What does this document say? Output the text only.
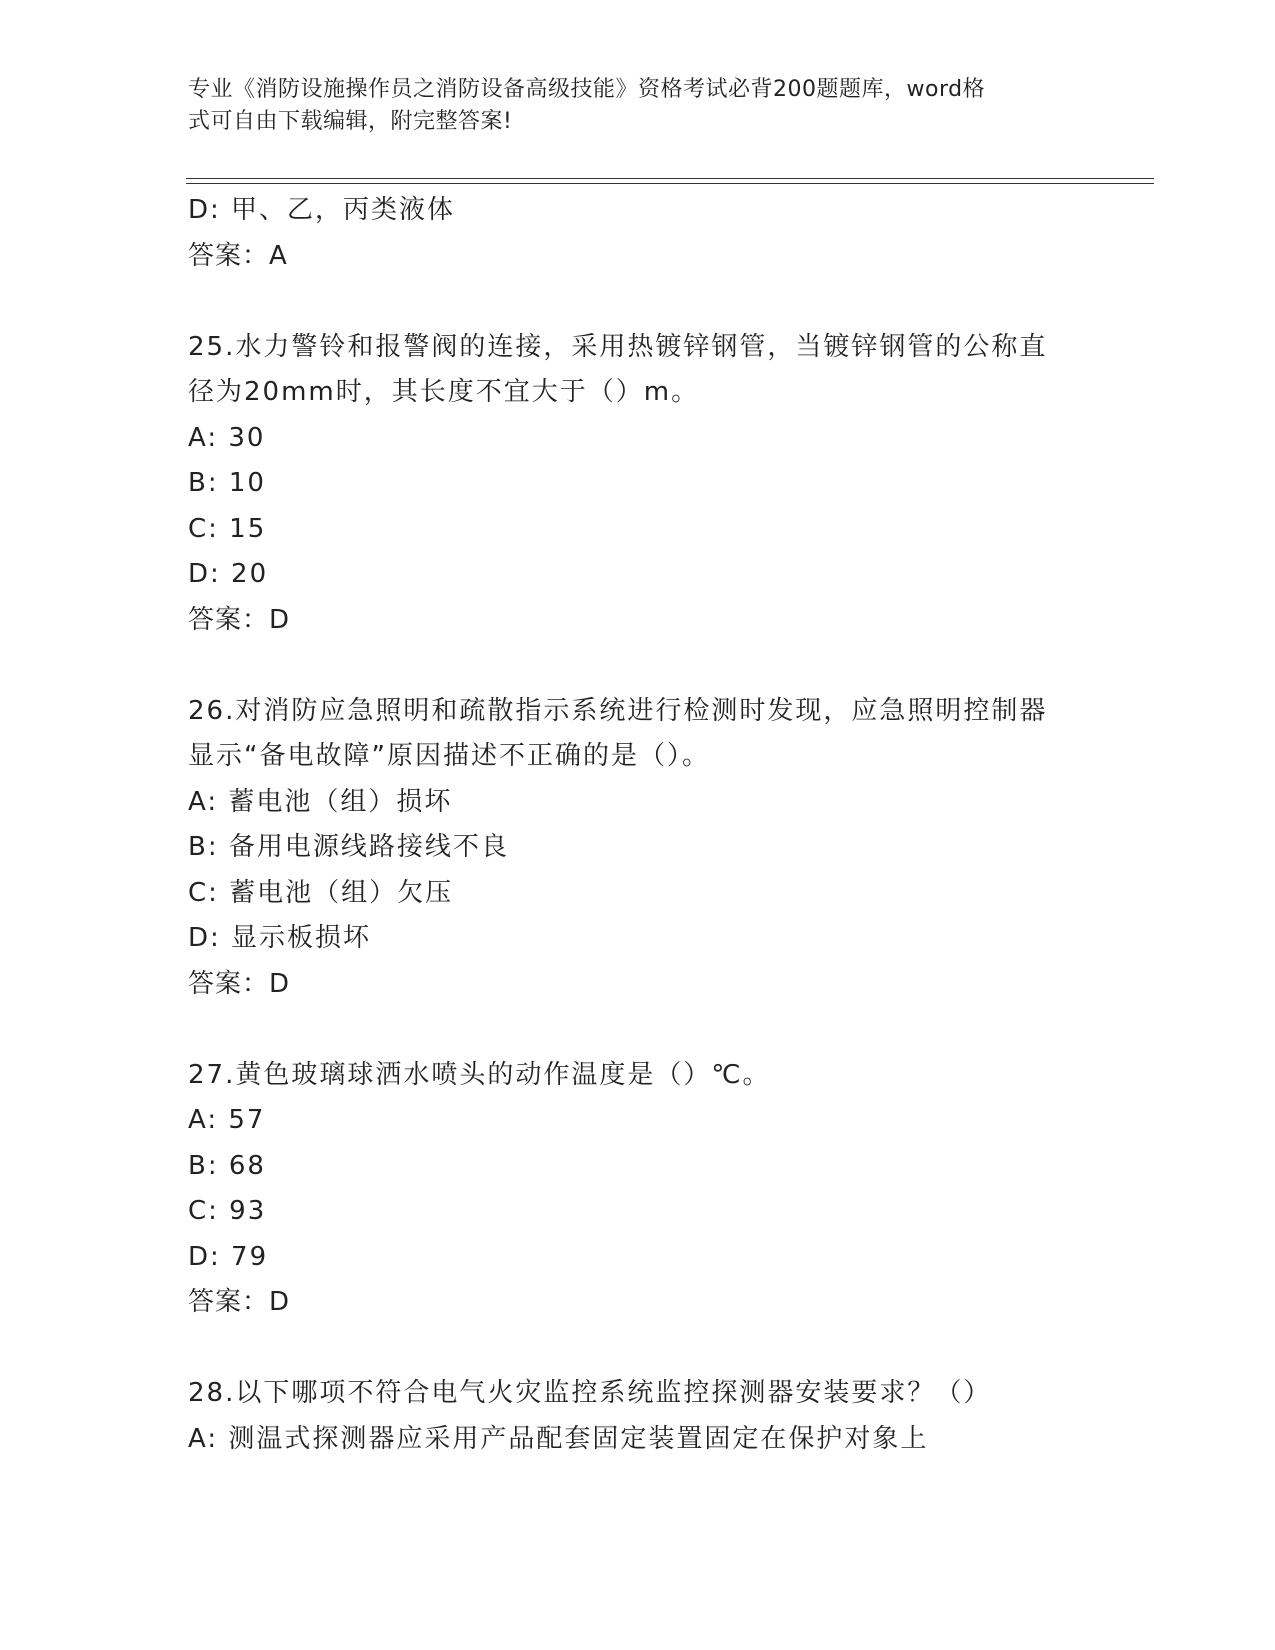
专业《消防设施操作员之消防设备高级技能》资格考试必背200题题库，word格
式可自由下载编辑，附完整答案!
D: 甲、乙，丙类液体
答案：A
25.水力警铃和报警阀的连接，采用热镀锌钢管，当镀锌钢管的公称直
径为20mm时，其长度不宜大于（）m。
A: 30
B: 10
C: 15
D: 20
答案：D
26.对消防应急照明和疏散指示系统进行检测时发现，应急照明控制器
显示“备电故障”原因描述不正确的是（）。
A: 蓄电池（组）损坏
B: 备用电源线路接线不良
C: 蓄电池（组）欠压
D: 显示板损坏
答案：D
27.黄色玻璃球洒水喷头的动作温度是（）℃。
A: 57
B: 68
C: 93
D: 79
答案：D
28.以下哪项不符合电气火灾监控系统监控探测器安装要求？（）
A: 测温式探测器应采用产品配套固定装置固定在保护对象上
